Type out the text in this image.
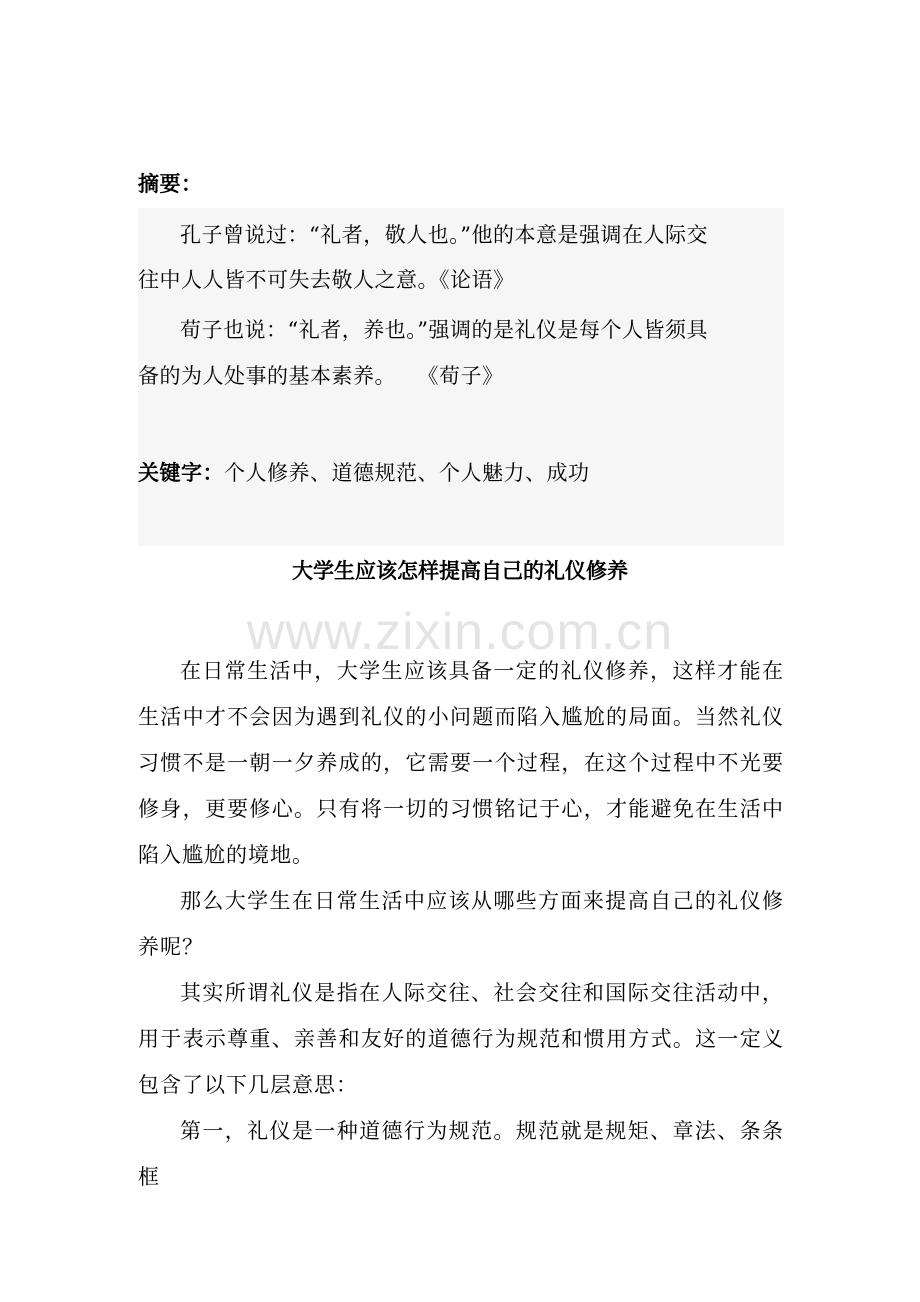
摘要：
孔子曾说过：“礼者，敬人也。”他的本意是强调在人际交
往中人人皆不可失去敬人之意。《论语》
荀子也说：“礼者，养也。”强调的是礼仪是每个人皆须具
备的为人处事的基本素养。   《荀子》
关键字：个人修养、道德规范、个人魅力、成功
大学生应该怎样提高自己的礼仪修养
www.zixin.com.cn

在日常生活中，大学生应该具备一定的礼仪修养，这样才能在生活中才不会因为遇到礼仪的小问题而陷入尴尬的局面。当然礼仪习惯不是一朝一夕养成的，它需要一个过程，在这个过程中不光要修身，更要修心。只有将一切的习惯铭记于心，才能避免在生活中陷入尴尬的境地。

那么大学生在日常生活中应该从哪些方面来提高自己的礼仪修养呢？

其实所谓礼仪是指在人际交往、社会交往和国际交往活动中，用于表示尊重、亲善和友好的道德行为规范和惯用方式。这一定义包含了以下几层意思：

第一，礼仪是一种道德行为规范。规范就是规矩、章法、条条框
